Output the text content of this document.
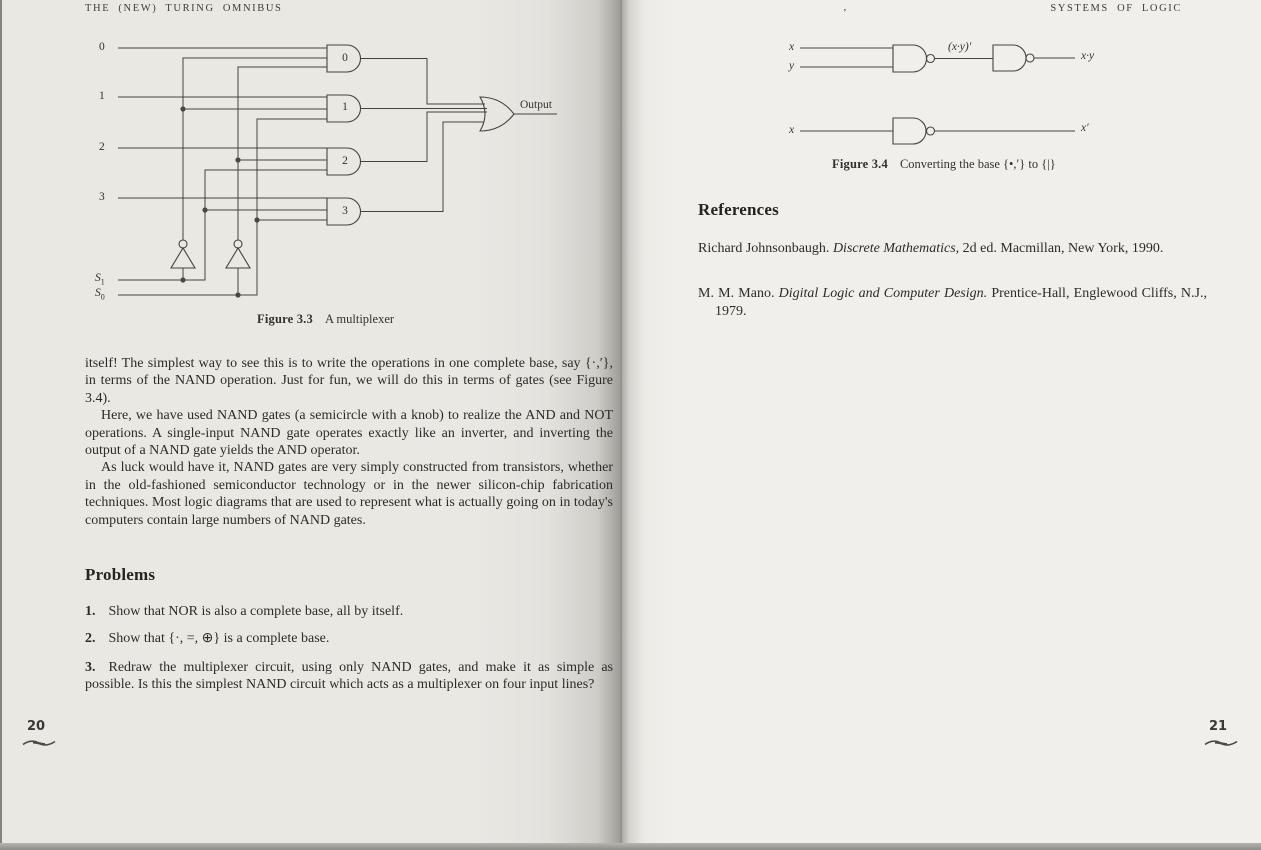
THE (NEW) TURING OMNIBUS
0
1
2
3
0
1
2
3
Output
$S_1$
$S_0$
Figure 3.3 A multiplexer

itself! The simplest way to see this is to write the operations in one complete base, say {·,′}, in terms of the NAND operation. Just for fun, we will do this in terms of gates (see Figure 3.4).

Here, we have used NAND gates (a semicircle with a knob) to realize the AND and NOT operations. A single-input NAND gate operates exactly like an inverter, and inverting the output of a NAND gate yields the AND operator.

As luck would have it, NAND gates are very simply constructed from transistors, whether in the old-fashioned semiconductor technology or in the newer silicon-chip fabrication techniques. Most logic diagrams that are used to represent what is actually going on in today's computers contain large numbers of NAND gates.

Problems

1. Show that NOR is also a complete base, all by itself.

2. Show that {·, =, ⊕} is a complete base.

3. Redraw the multiplexer circuit, using only NAND gates, and make it as simple as possible. Is this the simplest NAND circuit which acts as a multiplexer on four input lines?

20
SYSTEMS OF LOGIC
’
x
y
(x·y)′
x·y
x	x′
Figure 3.4 Converting the base {•,′} to {|}
References

Richard Johnsonbaugh. Discrete Mathematics, 2d ed. Macmillan, New York, 1990.

M. M. Mano. Digital Logic and Computer Design. Prentice-Hall, Englewood Cliffs, N.J., 1979.

21
